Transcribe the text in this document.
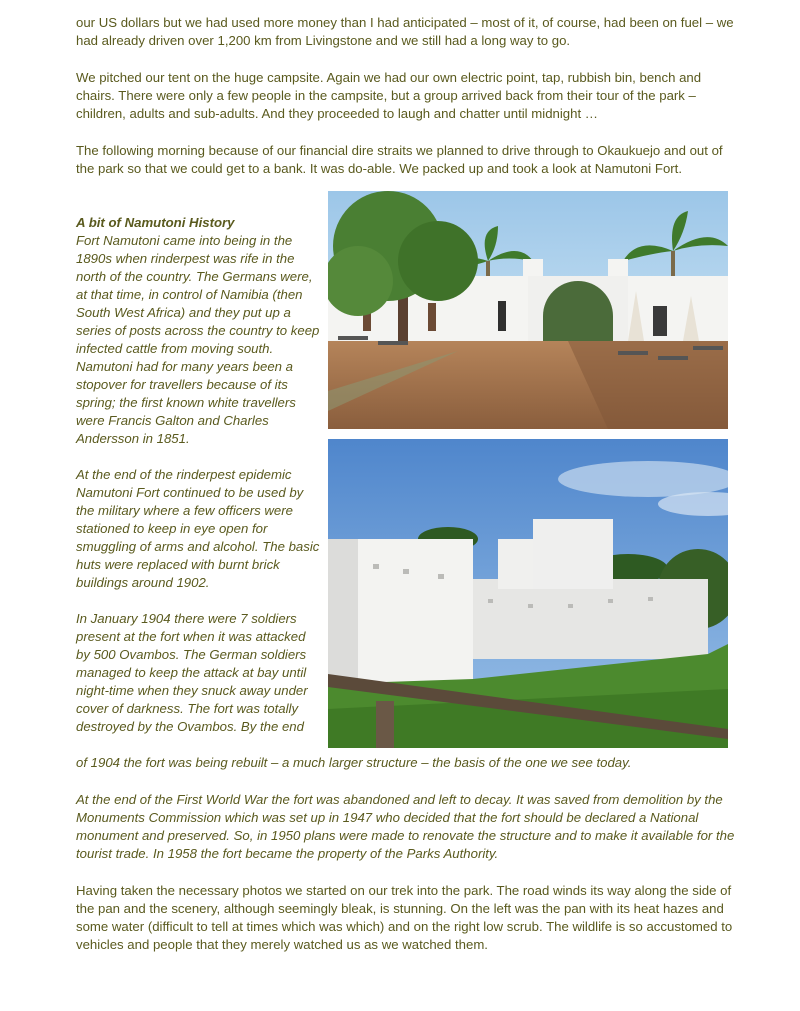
our US dollars but we had used more money than I had anticipated – most of it, of course, had been on fuel – we had already driven over 1,200 km from Livingstone and we still had a long way to go.

We pitched our tent on the huge campsite. Again we had our own electric point, tap, rubbish bin, bench and chairs. There were only a few people in the campsite, but a group arrived back from their tour of the park – children, adults and sub-adults. And they proceeded to laugh and chatter until midnight …

The following morning because of our financial dire straits we planned to drive through to Okaukuejo and out of the park so that we could get to a bank. It was do-able. We packed up and took a look at Namutoni Fort.

A bit of Namutoni History

Fort Namutoni came into being in the 1890s when rinderpest was rife in the north of the country. The Germans were, at that time, in control of Namibia (then South West Africa) and they put up a series of posts across the country to keep infected cattle from moving south. Namutoni had for many years been a stopover for travellers because of its spring; the first known white travellers were Francis Galton and Charles Andersson in 1851.

At the end of the rinderpest epidemic Namutoni Fort continued to be used by the military where a few officers were stationed to keep in eye open for smuggling of arms and alcohol. The basic huts were replaced with burnt brick buildings around 1902.

In January 1904 there were 7 soldiers present at the fort when it was attacked by 500 Ovambos. The German soldiers managed to keep the attack at bay until night-time when they snuck away under cover of darkness. The fort was totally destroyed by the Ovambos. By the end

of 1904 the fort was being rebuilt – a much larger structure – the basis of the one we see today.

At the end of the First World War the fort was abandoned and left to decay. It was saved from demolition by the Monuments Commission which was set up in 1947 who decided that the fort should be declared a National monument and preserved. So, in 1950 plans were made to renovate the structure and to make it available for the tourist trade. In 1958 the fort became the property of the Parks Authority.

Having taken the necessary photos we started on our trek into the park. The road winds its way along the side of the pan and the scenery, although seemingly bleak, is stunning. On the left was the pan with its heat hazes and some water (difficult to tell at times which was which) and on the right low scrub. The wildlife is so accustomed to vehicles and people that they merely watched us as we watched them.
